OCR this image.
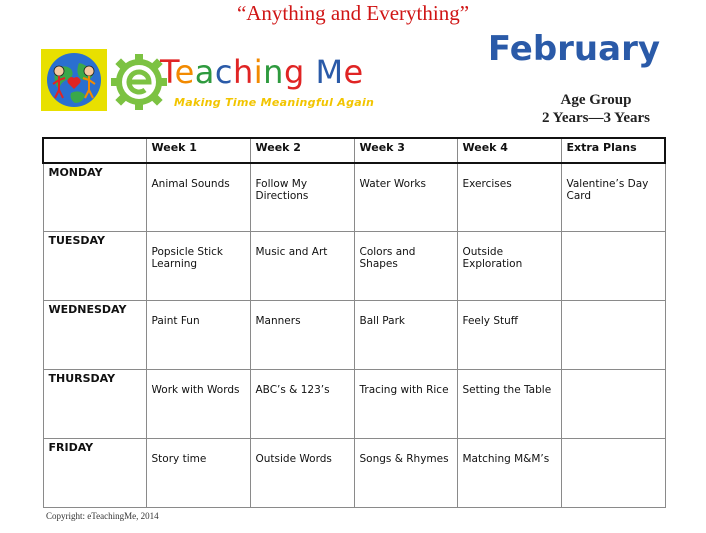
“Anything and Everything”
Teaching Me
Making Time Meaningful Again
February
Age Group
2 Years—3 Years
	Week 1	Week 2	Week 3	Week 4	Extra Plans
MONDAY	Animal Sounds	Follow My Directions	Water Works	Exercises	Valentine’s Day Card
TUESDAY	Popsicle Stick Learning	Music and Art	Colors and Shapes	Outside Exploration	
WEDNESDAY	Paint Fun	Manners	Ball Park	Feely Stuff	
THURSDAY	Work with Words	ABC’s & 123’s	Tracing with Rice	Setting the Table	
FRIDAY	Story time	Outside Words	Songs & Rhymes	Matching M&M’s	
Copyright: eTeachingMe, 2014
